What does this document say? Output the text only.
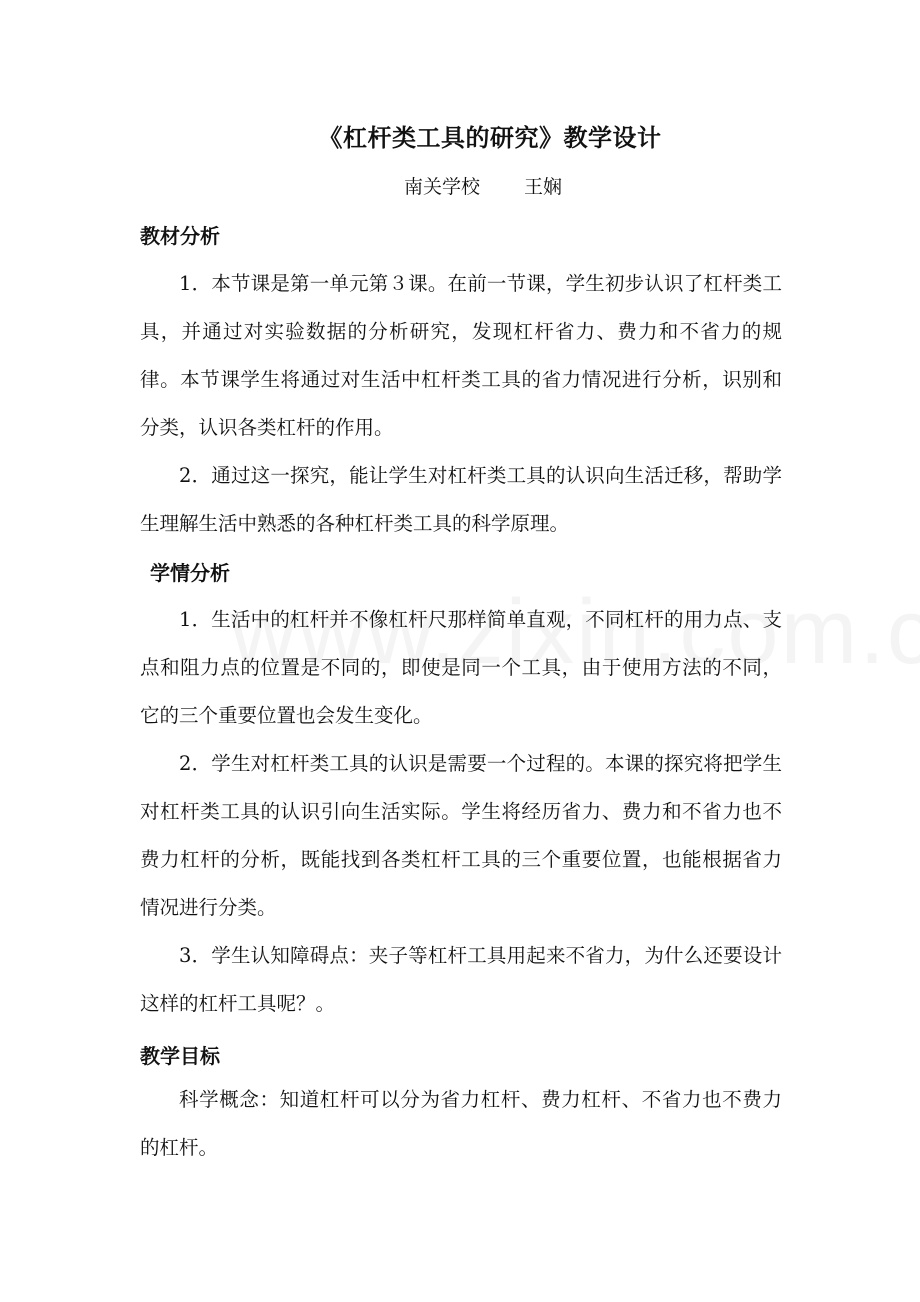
《杠杆类工具的研究》教学设计
南关学校 王娴
教材分析
1．本节课是第一单元第３课。在前一节课，学生初步认识了杠杆类工具，并通过对实验数据的分析研究，发现杠杆省力、费力和不省力的规律。本节课学生将通过对生活中杠杆类工具的省力情况进行分析，识别和分类，认识各类杠杆的作用。
2．通过这一探究，能让学生对杠杆类工具的认识向生活迁移，帮助学生理解生活中熟悉的各种杠杆类工具的科学原理。
学情分析
1．生活中的杠杆并不像杠杆尺那样简单直观，不同杠杆的用力点、支点和阻力点的位置是不同的，即使是同一个工具，由于使用方法的不同，它的三个重要位置也会发生变化。
2．学生对杠杆类工具的认识是需要一个过程的。本课的探究将把学生对杠杆类工具的认识引向生活实际。学生将经历省力、费力和不省力也不费力杠杆的分析，既能找到各类杠杆工具的三个重要位置，也能根据省力情况进行分类。
3．学生认知障碍点：夹子等杠杆工具用起来不省力，为什么还要设计这样的杠杆工具呢？。
教学目标
科学概念：知道杠杆可以分为省力杠杆、费力杠杆、不省力也不费力的杠杆。
